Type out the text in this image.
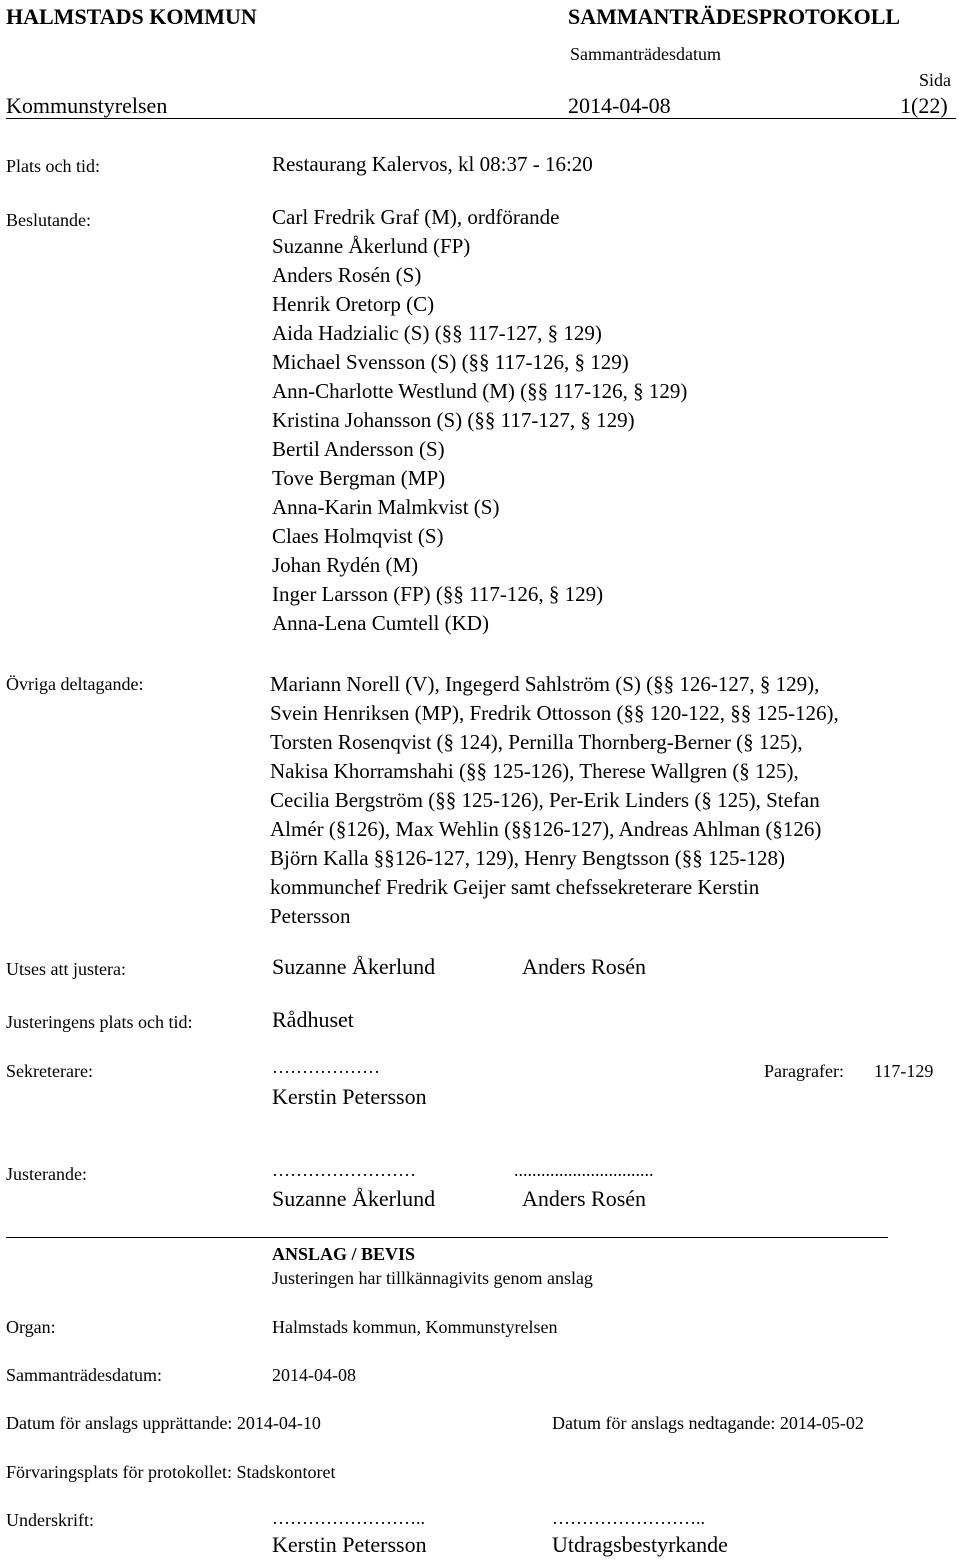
HALMSTADS KOMMUN	SAMMANTRÄDESPROTOKOLL
Sammanträdesdatum
Sida
Kommunstyrelsen	2014-04-08	1(22)
Plats och tid:	Restaurang Kalervos, kl 08:37 - 16:20
Beslutande:	Carl Fredrik Graf (M), ordförande
Suzanne Åkerlund (FP)
Anders Rosén (S)
Henrik Oretorp (C)
Aida Hadzialic (S) (§§ 117-127, § 129)
Michael Svensson (S) (§§ 117-126, § 129)
Ann-Charlotte Westlund (M) (§§ 117-126, § 129)
Kristina Johansson (S) (§§ 117-127, § 129)
Bertil Andersson (S)
Tove Bergman (MP)
Anna-Karin Malmkvist (S)
Claes Holmqvist (S)
Johan Rydén (M)
Inger Larsson (FP) (§§ 117-126, § 129)
Anna-Lena Cumtell (KD)
Övriga deltagande:	Mariann Norell (V), Ingegerd Sahlström (S) (§§ 126-127, § 129),
Svein Henriksen (MP), Fredrik Ottosson (§§ 120-122, §§ 125-126),
Torsten Rosenqvist (§ 124), Pernilla Thornberg-Berner (§ 125),
Nakisa Khorramshahi (§§ 125-126), Therese Wallgren (§ 125),
Cecilia Bergström (§§ 125-126), Per-Erik Linders (§ 125), Stefan
Almér (§126), Max Wehlin (§§126-127), Andreas Ahlman (§126)
Björn Kalla §§126-127, 129), Henry Bengtsson (§§ 125-128)
kommunchef Fredrik Geijer samt chefssekreterare Kerstin
Petersson
Utses att justera:	Suzanne Åkerlund	Anders Rosén
Justeringens plats och tid:	Rådhuset
Sekreterare:	………………
Kerstin Petersson
Paragrafer: 117-129
Justerande:	……………………	...............................
Suzanne Åkerlund	Anders Rosén
ANSLAG / BEVIS
Justeringen har tillkännagivits genom anslag
Organ:	Halmstads kommun, Kommunstyrelsen
Sammanträdesdatum:	2014-04-08
Datum för anslags upprättande: 2014-04-10	Datum för anslags nedtagande: 2014-05-02
Förvaringsplats för protokollet: Stadskontoret
Underskrift:	……………………..	……………………..
Kerstin Petersson	Utdragsbestyrkande
